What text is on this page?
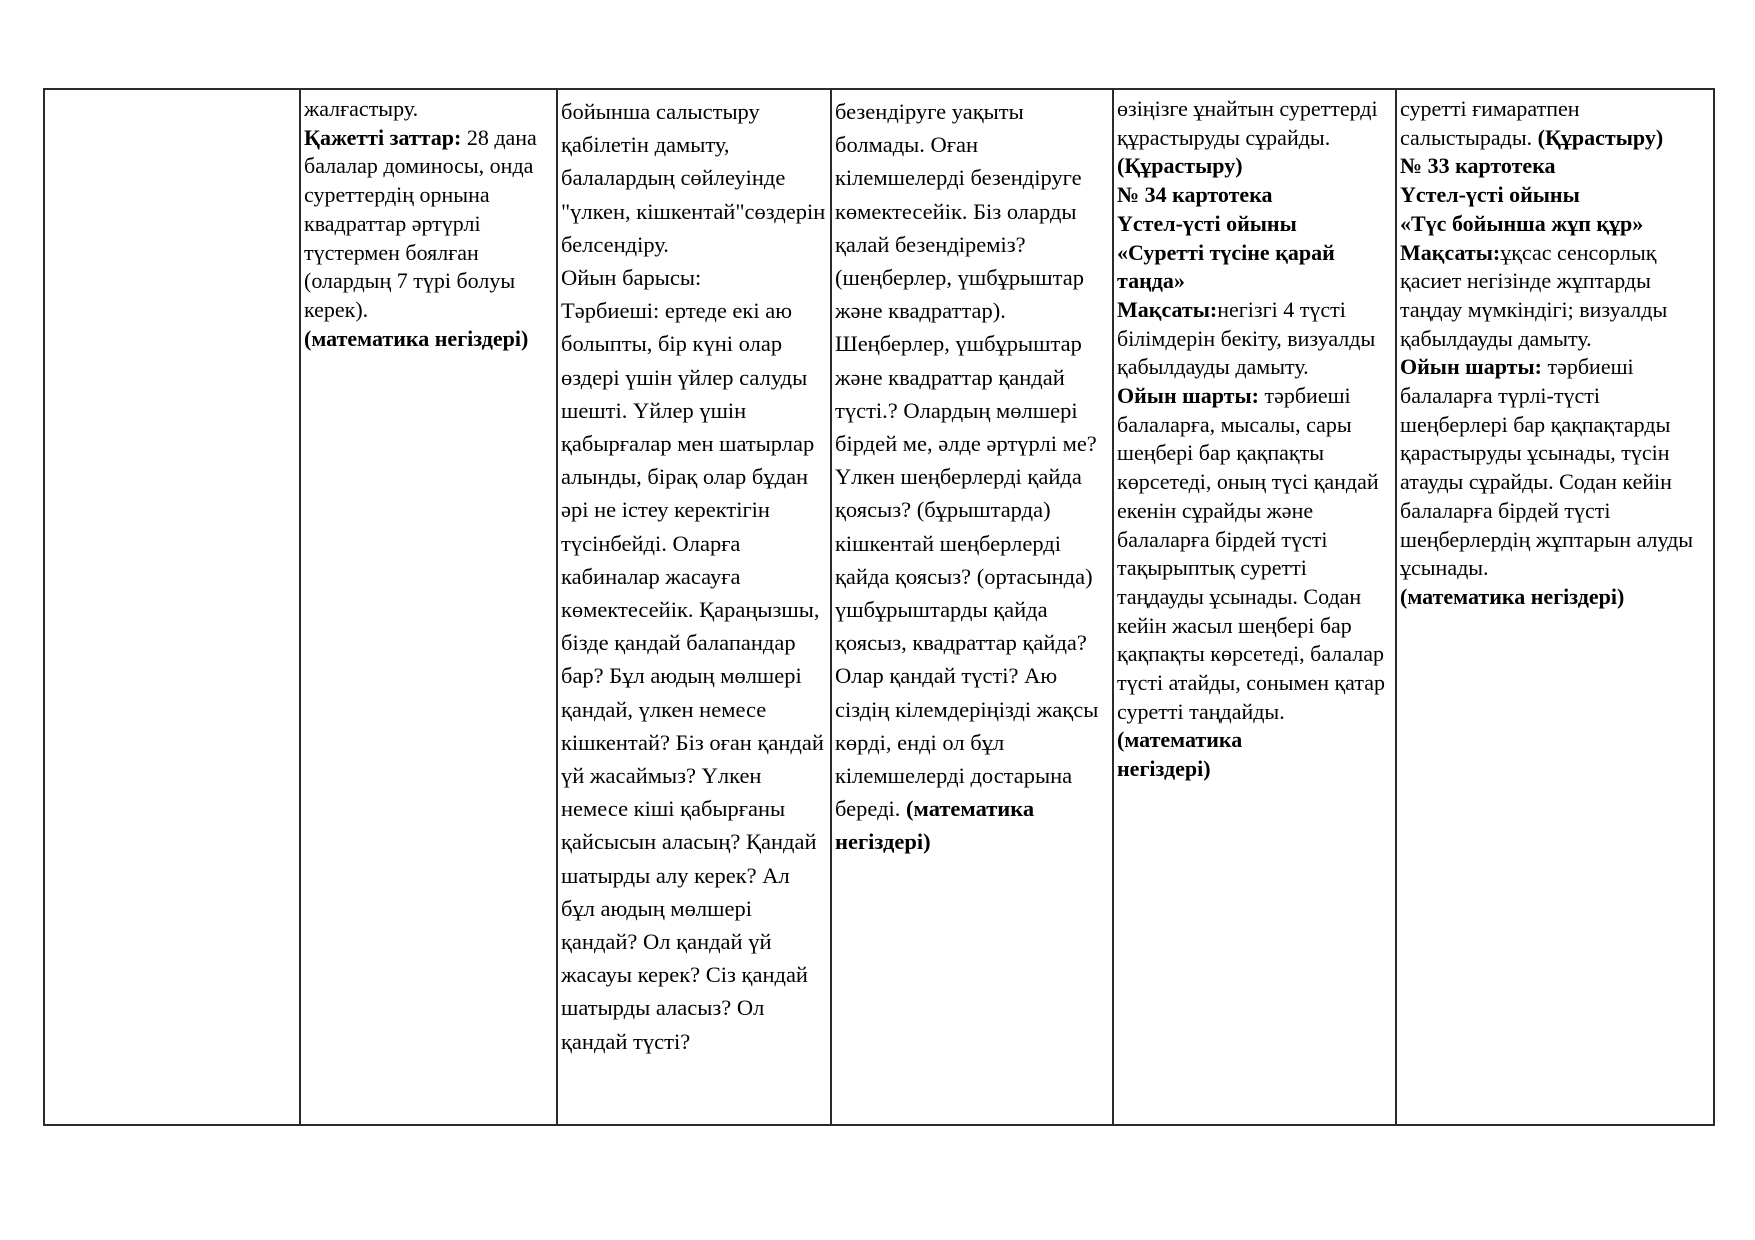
	жалғастыру.
Қажетті заттар: 28 дана балалар доминосы, онда суреттердің орнына квадраттар әртүрлі түстермен боялған (олардың 7 түрі болуы керек).
(математика негіздері)	бойынша салыстыру қабілетін дамыту, балалардың сөйлеуінде "үлкен, кішкентай"сөздерін белсендіру.
Ойын барысы:
Тәрбиеші: ертеде екі аю болыпты, бір күні олар өздері үшін үйлер салуды шешті. Үйлер үшін қабырғалар мен шатырлар алынды, бірақ олар бұдан әрі не істеу керектігін түсінбейді. Оларға кабиналар жасауға көмектесейік. Қараңызшы, бізде қандай балапандар бар? Бұл аюдың мөлшері қандай, үлкен немесе кішкентай? Біз оған қандай үй жасаймыз? Үлкен немесе кіші қабырғаны қайсысын аласың? Қандай шатырды алу керек? Ал бұл аюдың мөлшері қандай? Ол қандай үй жасауы керек? Сіз қандай шатырды аласыз? Ол қандай түсті?	безендіруге уақыты болмады. Оған кілемшелерді безендіруге көмектесейік. Біз оларды қалай безендіреміз? (шеңберлер, үшбұрыштар және квадраттар). Шеңберлер, үшбұрыштар және квадраттар қандай түсті.? Олардың мөлшері бірдей ме, әлде әртүрлі ме?
Үлкен шеңберлерді қайда қоясыз? (бұрыштарда) кішкентай шеңберлерді қайда қоясыз? (ортасында) үшбұрыштарды қайда қоясыз, квадраттар қайда? Олар қандай түсті? Аю сіздің кілемдеріңізді жақсы көрді, енді ол бұл кілемшелерді достарына береді. (математика негіздері)	өзіңізге ұнайтын суреттерді құрастыруды сұрайды. (Құрастыру)
№ 34 картотека
Үстел-үсті ойыны
«Суретті түсіне қарай таңда»
Мақсаты:негізгі 4 түсті білімдерін бекіту, визуалды қабылдауды дамыту.
Ойын шарты: тәрбиеші балаларға, мысалы, сары шеңбері бар қақпақты көрсетеді, оның түсі қандай екенін сұрайды және балаларға бірдей түсті тақырыптық суретті таңдауды ұсынады. Содан кейін жасыл шеңбері бар қақпақты көрсетеді, балалар түсті атайды, сонымен қатар суретті таңдайды.
(математика
негіздері)	суретті ғимаратпен салыстырады. (Құрастыру)
№ 33 картотека
Үстел-үсті ойыны
«Түс бойынша жұп құр»
Мақсаты:ұқсас сенсорлық қасиет негізінде жұптарды таңдау мүмкіндігі; визуалды қабылдауды дамыту.
Ойын шарты: тәрбиеші балаларға түрлі-түсті шеңберлері бар қақпақтарды қарастыруды ұсынады, түсін атауды сұрайды. Содан кейін балаларға бірдей түсті шеңберлердің жұптарын алуды ұсынады.
(математика негіздері)
